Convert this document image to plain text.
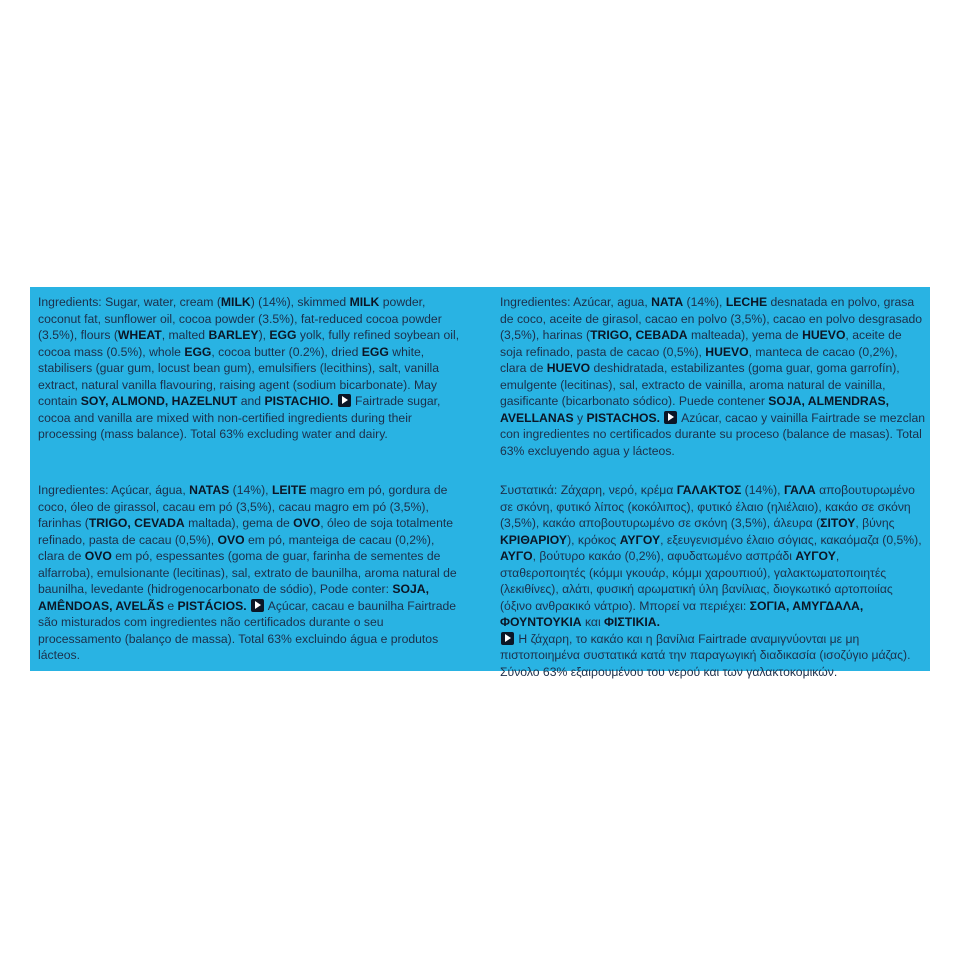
Ingredients: Sugar, water, cream (MILK) (14%), skimmed MILK powder, coconut fat, sunflower oil, cocoa powder (3.5%), fat-reduced cocoa powder (3.5%), flours (WHEAT, malted BARLEY), EGG yolk, fully refined soybean oil, cocoa mass (0.5%), whole EGG, cocoa butter (0.2%), dried EGG white, stabilisers (guar gum, locust bean gum), emulsifiers (lecithins), salt, vanilla extract, natural vanilla flavouring, raising agent (sodium bicarbonate). May contain SOY, ALMOND, HAZELNUT and PISTACHIO.  Fairtrade sugar, cocoa and vanilla are mixed with non-certified ingredients during their processing (mass balance). Total 63% excluding water and dairy.
Ingredientes: Azúcar, agua, NATA (14%), LECHE desnatada en polvo, grasa de coco, aceite de girasol, cacao en polvo (3,5%), cacao en polvo desgrasado (3,5%), harinas (TRIGO, CEBADA malteada), yema de HUEVO, aceite de soja refinado, pasta de cacao (0,5%), HUEVO, manteca de cacao (0,2%), clara de HUEVO deshidratada, estabilizantes (goma guar, goma garrofín), emulgente (lecitinas), sal, extracto de vainilla, aroma natural de vainilla, gasificante (bicarbonato sódico). Puede contener SOJA, ALMENDRAS, AVELLANAS y PISTACHOS.  Azúcar, cacao y vainilla Fairtrade se mezclan con ingredientes no certificados durante su proceso (balance de masas). Total 63% excluyendo agua y lácteos.
Ingredientes: Açúcar, água, NATAS (14%), LEITE magro em pó, gordura de coco, óleo de girassol, cacau em pó (3,5%), cacau magro em pó (3,5%), farinhas (TRIGO, CEVADA maltada), gema de OVO, óleo de soja totalmente refinado, pasta de cacau (0,5%), OVO em pó, manteiga de cacau (0,2%), clara de OVO em pó, espessantes (goma de guar, farinha de sementes de alfarroba), emulsionante (lecitinas), sal, extrato de baunilha, aroma natural de baunilha, levedante (hidrogenocarbonato de sódio), Pode conter: SOJA, AMÊNDOAS, AVELÃS e PISTÁCIOS.  Açúcar, cacau e baunilha Fairtrade são misturados com ingredientes não certificados durante o seu processamento (balanço de massa). Total 63% excluindo água e produtos lácteos.
Συστατικά: Ζάχαρη, νερό, κρέμα ΓΑΛΑΚΤΟΣ (14%), ΓΑΛΑ αποβουτυρωμένο σε σκόνη, φυτικό λίπος (κοκόλιπος), φυτικό έλαιο (ηλιέλαιο), κακάο σε σκόνη (3,5%), κακάο αποβουτυρωμένο σε σκόνη (3,5%), άλευρα (ΣΙΤΟΥ, βύνης ΚΡΙΘΑΡΙΟΥ), κρόκος ΑΥΓΟΥ, εξευγενισμένο έλαιο σόγιας, κακαόμαζα (0,5%), ΑΥΓΟ, βούτυρο κακάο (0,2%), αφυδατωμένο ασπράδι ΑΥΓΟΥ, σταθεροποιητές (κόμμι γκουάρ, κόμμι χαρουπιού), γαλακτωματοποιητές (λεκιθίνες), αλάτι, φυσική αρωματική ύλη βανίλιας, διογκωτικό αρτοποιίας (όξινο ανθρακικό νάτριο). Μπορεί να περιέχει: ΣΟΓΙΑ, ΑΜΥΓΔΑΛΑ, ΦΟΥΝΤΟΥΚΙΑ και ΦΙΣΤΙΚΙΑ.
Η ζάχαρη, το κακάο και η βανίλια Fairtrade αναμιγνύονται με μη πιστοποιημένα συστατικά κατά την παραγωγική διαδικασία (ισοζύγιο μάζας). Σύνολο 63% εξαιρουμένου του νερού και των γαλακτοκομικών.
